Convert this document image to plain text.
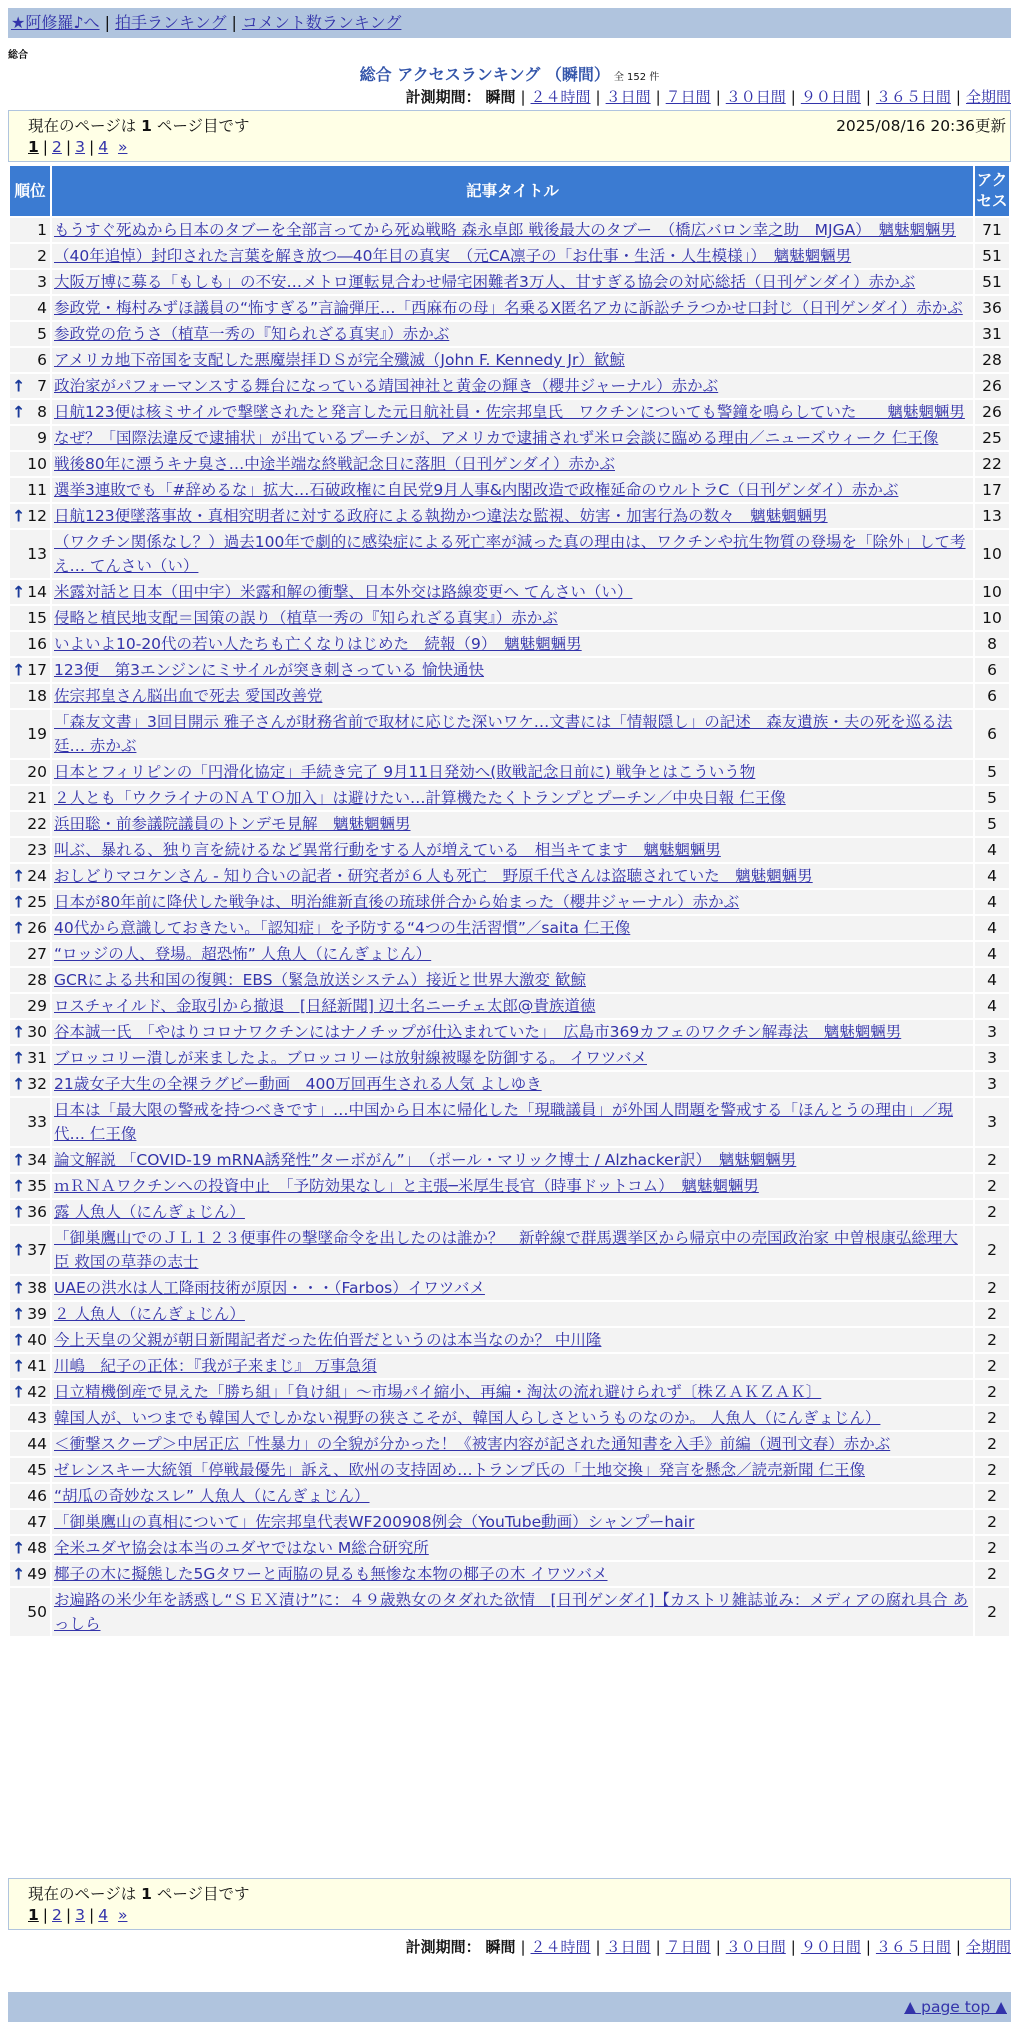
★阿修羅♪へ | 拍手ランキング | コメント数ランキング
総合
総合 アクセスランキング （瞬間） 全 152 件
計測期間： 瞬間 | ２４時間 | ３日間 | ７日間 | ３０日間 | ９０日間 | ３６５日間 | 全期間
現在のページは 1 ページ目です	2025/08/16 20:36更新
1 | 2 | 3 | 4 »
順位	記事タイトル	アクセス
1	もうすぐ死ぬから日本のタブーを全部言ってから死ぬ戦略 森永卓郎 戦後最大のタブー　（橋広バロン幸之助　MJGA）　魑魅魍魎男	71
2	（40年追悼）封印された言葉を解き放つ―40年目の真実　（元CA凛子の「お仕事・生活・人生模様」）　魑魅魍魎男	51
3	大阪万博に募る「もしも」の不安…メトロ運転見合わせ帰宅困難者3万人、甘すぎる協会の対応総括（日刊ゲンダイ）赤かぶ	51
4	参政党・梅村みずほ議員の“怖すぎる”言論弾圧…「西麻布の母」名乗るX匿名アカに訴訟チラつかせ口封じ（日刊ゲンダイ）赤かぶ	36
5	参政党の危うさ（植草一秀の『知られざる真実』）赤かぶ	31
6	アメリカ地下帝国を支配した悪魔崇拝ＤＳが完全殲滅（John F. Kennedy Jr）歓鯨	28

↑ 7	政治家がパフォーマンスする舞台になっている靖国神社と黄金の輝き（櫻井ジャーナル）赤かぶ	26

↑ 8	日航123便は核ミサイルで撃墜されたと発言した元日航社員・佐宗邦皇氏　ワクチンについても警鐘を鳴らしていた　　魑魅魍魎男	26
9	なぜ？「国際法違反で逮捕状」が出ているプーチンが、アメリカで逮捕されず米ロ会談に臨める理由／ニューズウィーク 仁王像	25
10	戦後80年に漂うキナ臭さ…中途半端な終戦記念日に落胆（日刊ゲンダイ）赤かぶ	22
11	選挙3連敗でも「#辞めるな」拡大…石破政権に自民党9月人事&内閣改造で政権延命のウルトラC（日刊ゲンダイ）赤かぶ	17

↑ 12	日航123便墜落事故・真相究明者に対する政府による執拗かつ違法な監視、妨害・加害行為の数々　魑魅魍魎男	13
13	（ワクチン関係なし？）過去100年で劇的に感染症による死亡率が減った真の理由は、ワクチンや抗生物質の登場を「除外」して考え… てんさい（い）	10

↑ 14	米露対話と日本（田中宇）米露和解の衝撃、日本外交は路線変更へ てんさい（い）	10
15	侵略と植民地支配＝国策の誤り（植草一秀の『知られざる真実』）赤かぶ	10
16	いよいよ10-20代の若い人たちも亡くなりはじめた　続報（9）　魑魅魍魎男	8

↑ 17	123便　第3エンジンにミサイルが突き刺さっている 愉快通快	6
18	佐宗邦皇さん脳出血で死去 愛国改善党	6
19	「森友文書」3回目開示 雅子さんが財務省前で取材に応じた深いワケ…文書には「情報隠し」の記述　森友遺族・夫の死を巡る法廷… 赤かぶ	6
20	日本とフィリピンの「円滑化協定」手続き完了 9月11日発効へ(敗戦記念日前に) 戦争とはこういう物	5
21	２人とも「ウクライナのＮＡＴＯ加入」は避けたい…計算機たたくトランプとプーチン／中央日報 仁王像	5
22	浜田聡・前参議院議員のトンデモ見解　魑魅魍魎男	5
23	叫ぶ、暴れる、独り言を続けるなど異常行動をする人が増えている　相当キてます　魑魅魍魎男	4

↑ 24	おしどりマコケンさん - 知り合いの記者・研究者が６人も死亡　野原千代さんは盗聴されていた　魑魅魍魎男	4

↑ 25	日本が80年前に降伏した戦争は、明治維新直後の琉球併合から始まった（櫻井ジャーナル）赤かぶ	4

↑ 26	40代から意識しておきたい。「認知症」を予防する“4つの生活習慣”／saita 仁王像	4
27	“ロッジの人、登場。超恐怖” 人魚人（にんぎょじん）	4
28	GCRによる共和国の復興：EBS（緊急放送システム）接近と世界大激変 歓鯨	4
29	ロスチャイルド、金取引から撤退　[日経新聞] 辺土名ニーチェ太郎@貴族道徳	4

↑ 30	谷本誠一氏　「やはりコロナワクチンにはナノチップが仕込まれていた」　広島市369カフェのワクチン解毒法　魑魅魍魎男	3

↑ 31	ブロッコリー潰しが来ましたよ。ブロッコリーは放射線被曝を防御する。 イワツバメ	3

↑ 32	21歳女子大生の全裸ラグビー動画　400万回再生される人気 よしゆき	3
33	日本は「最大限の警戒を持つべきです」…中国から日本に帰化した「現職議員」が外国人問題を警戒する「ほんとうの理由」／現代… 仁王像	3

↑ 34	論文解説 「COVID-19 mRNA誘発性”ターボがん”」　（ポール・マリック博士 / Alzhacker訳）　魑魅魍魎男	2

↑ 35	ｍＲＮＡワクチンへの投資中止　「予防効果なし」と主張─米厚生長官（時事ドットコム）　魑魅魍魎男	2

↑ 36	露 人魚人（にんぎょじん）	2

↑ 37	「御巣鷹山でのＪＬ１２３便事件の撃墜命令を出したのは誰か？　新幹線で群馬選挙区から帰京中の売国政治家 中曽根康弘総理大臣 救国の草莽の志士	2

↑ 38	UAEの洪水は人工降雨技術が原因・・・（Farbos）イワツバメ	2

↑ 39	２ 人魚人（にんぎょじん）	2

↑ 40	今上天皇の父親が朝日新聞記者だった佐伯晋だというのは本当なのか？ 中川隆	2

↑ 41	川嶋　紀子の正体：『我が子来まじ』 万事急須	2

↑ 42	日立精機倒産で見えた「勝ち組」「負け組」～市場パイ縮小、再編・淘汰の流れ避けられず〔株ＺＡＫＺＡＫ〕	2
43	韓国人が、いつまでも韓国人でしかない視野の狭さこそが、韓国人らしさというものなのか。 人魚人（にんぎょじん）	2
44	＜衝撃スクープ＞中居正広「性暴力」の全貌が分かった！《被害内容が記された通知書を入手》前編（週刊文春）赤かぶ	2
45	ゼレンスキー大統領「停戦最優先」訴え、欧州の支持固め…トランプ氏の「土地交換」発言を懸念／読売新聞 仁王像	2
46	“胡瓜の奇妙なスレ” 人魚人（にんぎょじん）	2
47	「御巣鷹山の真相について」佐宗邦皇代表WF200908例会（YouTube動画）シャンプーhair	2

↑ 48	全米ユダヤ協会は本当のユダヤではない M総合研究所	2

↑ 49	椰子の木に擬態した5Gタワーと両脇の見るも無惨な本物の椰子の木 イワツバメ	2
50	お遍路の米少年を誘惑し“ＳＥＸ漬け”に：４９歳熟女のタダれた欲情　[日刊ゲンダイ]【カストリ雑誌並み：メディアの腐れ具合 あっしら	2
現在のページは 1 ページ目です
1 | 2 | 3 | 4 »
計測期間： 瞬間 | ２４時間 | ３日間 | ７日間 | ３０日間 | ９０日間 | ３６５日間 | 全期間
▲ page top ▲
